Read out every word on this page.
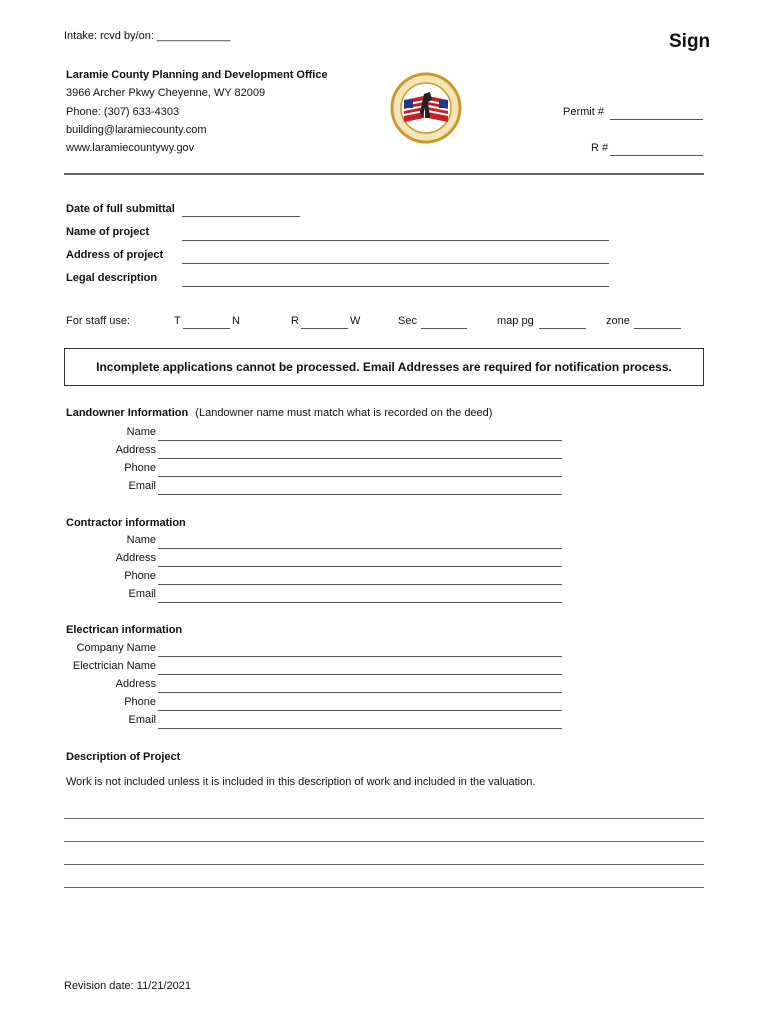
Intake: rcvd by/on: ____________	Sign
Laramie County Planning and Development Office
3966 Archer Pkwy Cheyenne, WY 82009
Phone: (307) 633-4303
building@laramiecounty.com
www.laramiecountywy.gov
Permit #
R #
Date of full submittal
Name of project
Address of project
Legal description
For staff use:	T	N	R	W	Sec	map pg	zone
Incomplete applications cannot be processed. Email Addresses are required for notification process.
Landowner Information (Landowner name must match what is recorded on the deed)
Name
Address
Phone
Email
Contractor information
Name
Address
Phone
Email
Electrican information
Company Name
Electrician Name
Address
Phone
Email
Description of Project
Work is not included unless it is included in this description of work and included in the valuation.
Revision date: 11/21/2021
